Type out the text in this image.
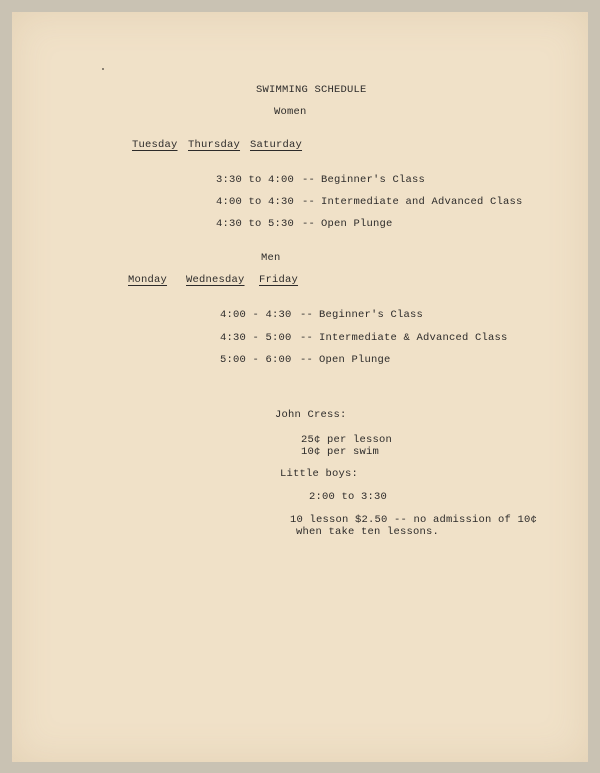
SWIMMING SCHEDULE
Women
Tuesday Thursday Saturday
3:30 to 4:00 -- Beginner's Class
4:00 to 4:30 -- Intermediate and Advanced Class
4:30 to 5:30 -- Open Plunge
Men
Monday Wednesday Friday
4:00 - 4:30 -- Beginner's Class
4:30 - 5:00 -- Intermediate & Advanced Class
5:00 - 6:00 -- Open Plunge
John Cress:
25¢ per lesson
10¢ per swim
Little boys:
2:00 to 3:30
10 lesson $2.50 -- no admission of 10¢
when take ten lessons.
